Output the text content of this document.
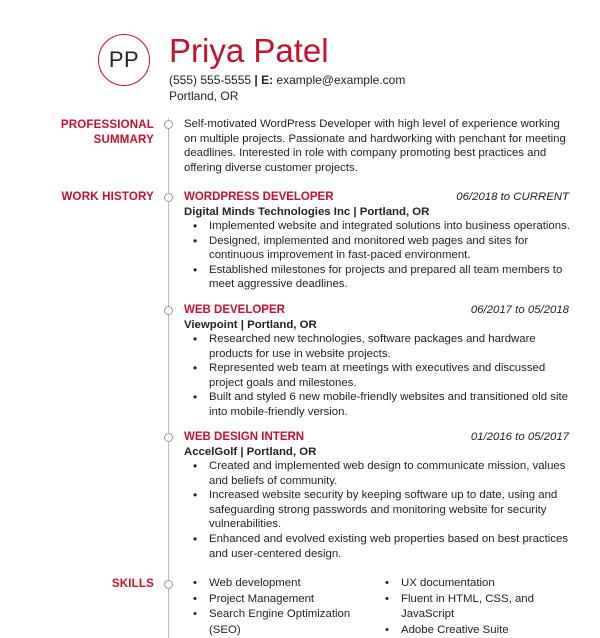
PP Priya Patel
(555) 555-5555 | E: example@example.com
Portland, OR
PROFESSIONAL
SUMMARY
Self-motivated WordPress Developer with high level of experience working on multiple projects. Passionate and hardworking with penchant for meeting deadlines. Interested in role with company promoting best practices and offering diverse customer projects.
WORK HISTORY	WORDPRESS DEVELOPER	06/2018 to CURRENT
Digital Minds Technologies Inc | Portland, OR
• Implemented website and integrated solutions into business operations.
• Designed, implemented and monitored web pages and sites for continuous improvement in fast-paced environment.
• Established milestones for projects and prepared all team members to meet aggressive deadlines.
WEB DEVELOPER	06/2017 to 05/2018
Viewpoint | Portland, OR
• Researched new technologies, software packages and hardware products for use in website projects.
• Represented web team at meetings with executives and discussed project goals and milestones.
• Built and styled 6 new mobile-friendly websites and transitioned old site into mobile-friendly version.
WEB DESIGN INTERN	01/2016 to 05/2017
AccelGolf | Portland, OR
• Created and implemented web design to communicate mission, values and beliefs of community.
• Increased website security by keeping software up to date, using and safeguarding strong passwords and monitoring website for security vulnerabilities.
• Enhanced and evolved existing web properties based on best practices and user-centered design.
SKILLS
•	Web development
• Project Management
• Search Engine Optimization (SEO)
• UX documentation
• Fluent in HTML, CSS, and JavaScript
• Adobe Creative Suite
